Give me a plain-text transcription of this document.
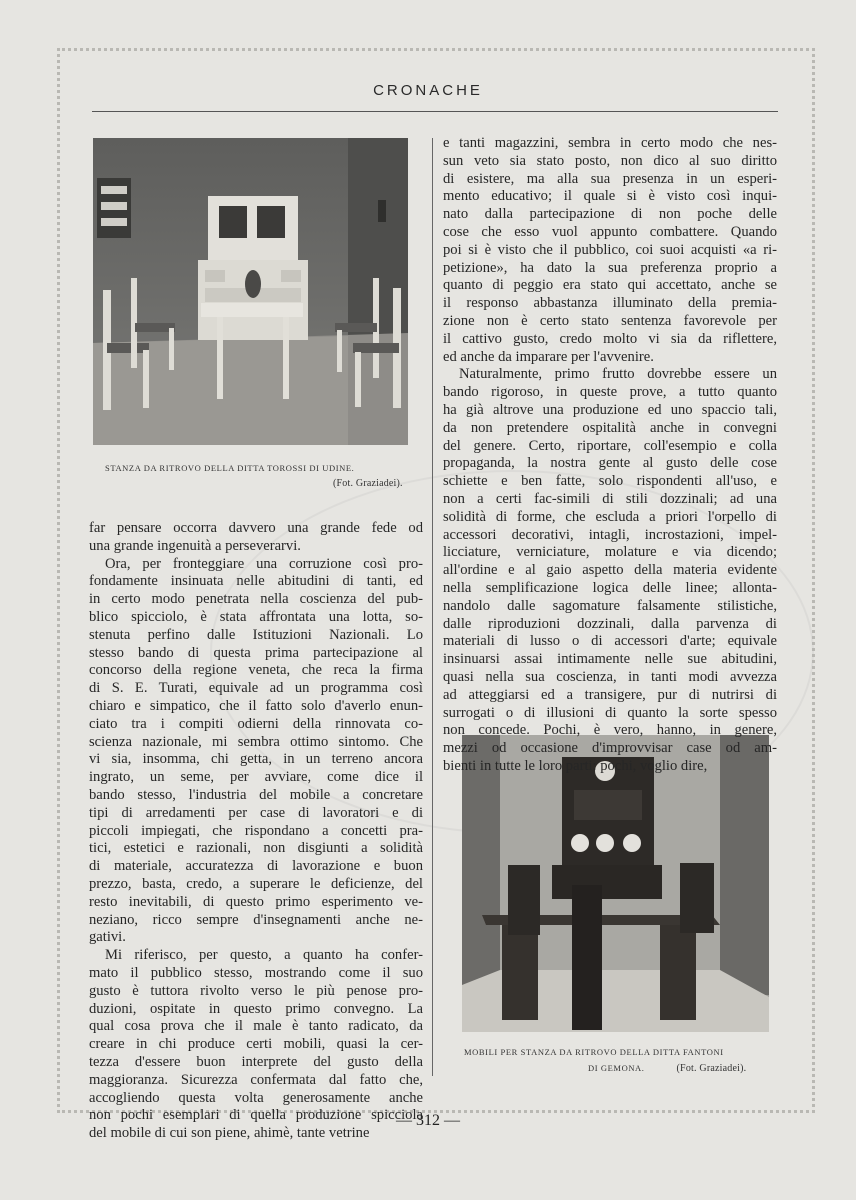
CRONACHE
STANZA DA RITROVO DELLA DITTA TOROSSI DI UDINE.
(Fot. Graziadei).
MOBILI PER STANZA DA RITROVO DELLA DITTA FANTONI
DI GEMONA.	(Fot. Graziadei).
far pensare occorra davvero una grande fede od
una grande ingenuità a perseverarvi.
Ora, per fronteggiare una corruzione così pro-
fondamente insinuata nelle abitudini di tanti, ed
in certo modo penetrata nella coscienza del pub-
blico spicciolo, è stata affrontata una lotta, so-
stenuta perfino dalle Istituzioni Nazionali. Lo
stesso bando di questa prima partecipazione al
concorso della regione veneta, che reca la firma
di S. E. Turati, equivale ad un programma così
chiaro e simpatico, che il fatto solo d'averlo enun-
ciato tra i compiti odierni della rinnovata co-
scienza nazionale, mi sembra ottimo sintomo. Che
vi sia, insomma, chi getta, in un terreno ancora
ingrato, un seme, per avviare, come dice il
bando stesso, l'industria del mobile a concretare
tipi di arredamenti per case di lavoratori e di
piccoli impiegati, che rispondano a concetti pra-
tici, estetici e razionali, non disgiunti a solidità
di materiale, accuratezza di lavorazione e buon
prezzo, basta, credo, a superare le deficienze, del
resto inevitabili, di questo primo esperimento ve-
neziano, ricco sempre d'insegnamenti anche ne-
gativi.
Mi riferisco, per questo, a quanto ha confer-
mato il pubblico stesso, mostrando come il suo
gusto è tuttora rivolto verso le più penose pro-
duzioni, ospitate in questo primo convegno. La
qual cosa prova che il male è tanto radicato, da
creare in chi produce certi mobili, quasi la cer-
tezza d'essere buon interprete del gusto della
maggioranza. Sicurezza confermata dal fatto che,
accogliendo questa volta generosamente anche
non pochi esemplari di quella produzione spicciola
del mobile di cui son piene, ahimè, tante vetrine
e tanti magazzini, sembra in certo modo che nes-
sun veto sia stato posto, non dico al suo diritto
di esistere, ma alla sua presenza in un esperi-
mento educativo; il quale si è visto così inqui-
nato dalla partecipazione di non poche delle
cose che esso vuol appunto combattere. Quando
poi si è visto che il pubblico, coi suoi acquisti «a ri-
petizione», ha dato la sua preferenza proprio a
quanto di peggio era stato qui accettato, anche se
il responso abbastanza illuminato della premia-
zione non è certo stato sentenza favorevole per
il cattivo gusto, credo molto vi sia da riflettere,
ed anche da imparare per l'avvenire.
Naturalmente, primo frutto dovrebbe essere un
bando rigoroso, in queste prove, a tutto quanto
ha già altrove una produzione ed uno spaccio tali,
da non pretendere ospitalità anche in convegni
del genere. Certo, riportare, coll'esempio e colla
propaganda, la nostra gente al gusto delle cose
schiette e ben fatte, solo rispondenti all'uso, e
non a certi fac-simili di stili dozzinali; ad una
solidità di forme, che escluda a priori l'orpello di
accessori decorativi, intagli, incrostazioni, impel-
licciature, verniciature, molature e via dicendo;
all'ordine e al gaio aspetto della materia evidente
nella semplificazione logica delle linee; allonta-
nandolo dalle sagomature falsamente stilistiche,
dalle riproduzioni dozzinali, dalla parvenza di
materiali di lusso o di accessori d'arte; equivale
insinuarsi assai intimamente nelle sue abitudini,
quasi nella sua coscienza, in tanti modi avvezza
ad atteggiarsi ed a transigere, pur di nutrirsi di
surrogati o di illusioni di quanto la sorte spesso
non concede. Pochi, è vero, hanno, in genere,
mezzi od occasione d'improvvisar case od am-
bienti in tutte le loro parti: pochi, voglio dire,
— 312 —
